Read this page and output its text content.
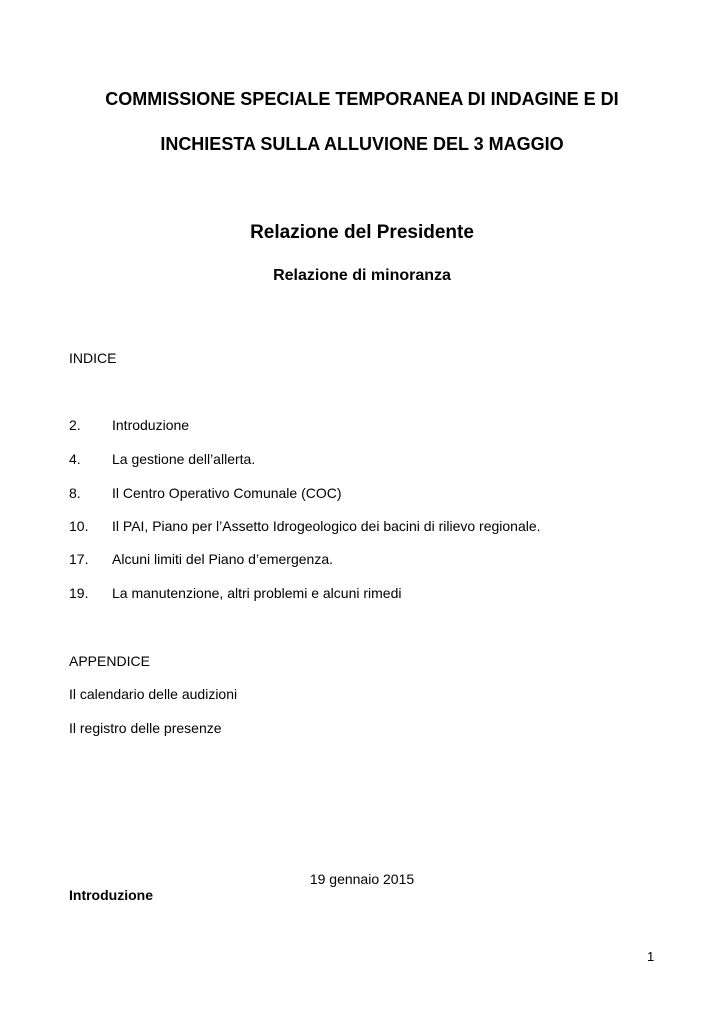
COMMISSIONE SPECIALE TEMPORANEA DI INDAGINE E DI
INCHIESTA SULLA ALLUVIONE DEL 3 MAGGIO
Relazione del Presidente
Relazione di minoranza
INDICE
2. Introduzione
4. La gestione dell’allerta.
8. Il Centro Operativo Comunale (COC)
10. Il PAI, Piano per l’Assetto Idrogeologico dei bacini di rilievo regionale.
17. Alcuni limiti del Piano d’emergenza.
19. La manutenzione, altri problemi e alcuni rimedi
APPENDICE
Il calendario delle audizioni
Il registro delle presenze
19 gennaio 2015
Introduzione
1
